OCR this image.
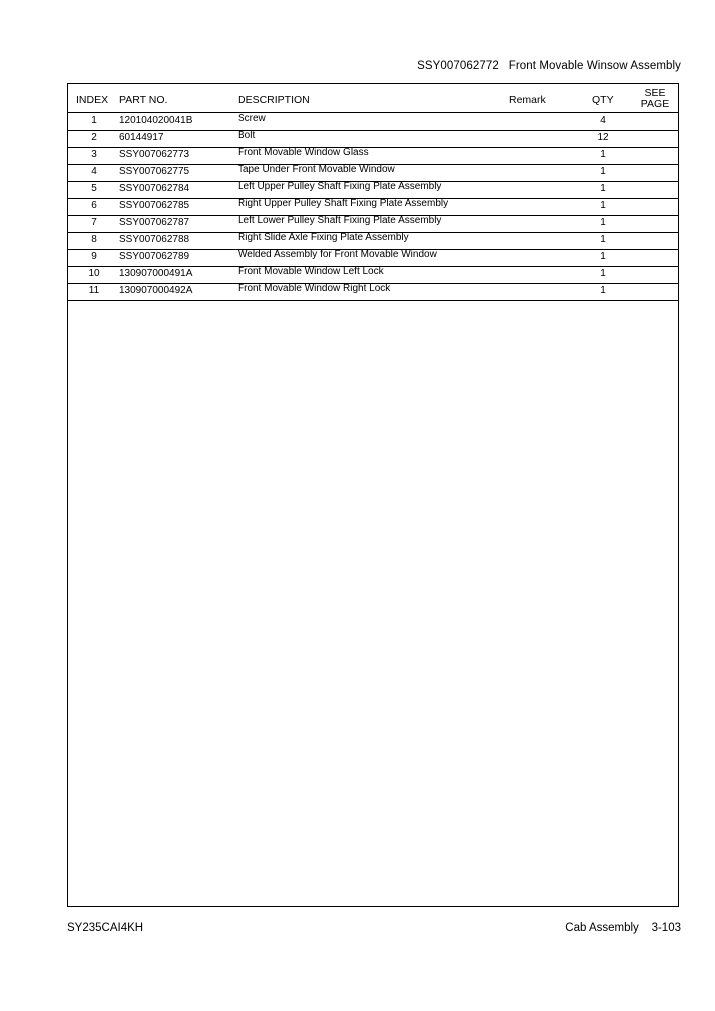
SSY007062772 Front Movable Winsow Assembly
INDEX PART NO.	DESCRIPTION	Remark	QTY
SEE
PAGE
1	120104020041B	Screw	4
2	60144917	Bolt	12
3	SSY007062773	Front Movable Window Glass	1
4	SSY007062775	Tape Under Front Movable Window	1
5	SSY007062784	Left Upper Pulley Shaft Fixing Plate Assembly	1
6	SSY007062785	Right Upper Pulley Shaft Fixing Plate Assembly	1
7	SSY007062787	Left Lower Pulley Shaft Fixing Plate Assembly	1
8	SSY007062788	Right Slide Axle Fixing Plate Assembly	1
9	SSY007062789	Welded Assembly for Front Movable Window	1
10	130907000491A	Front Movable Window Left Lock	1
11	130907000492A	Front Movable Window Right Lock	1
SY235CAI4KH	Cab Assembly 3-103
